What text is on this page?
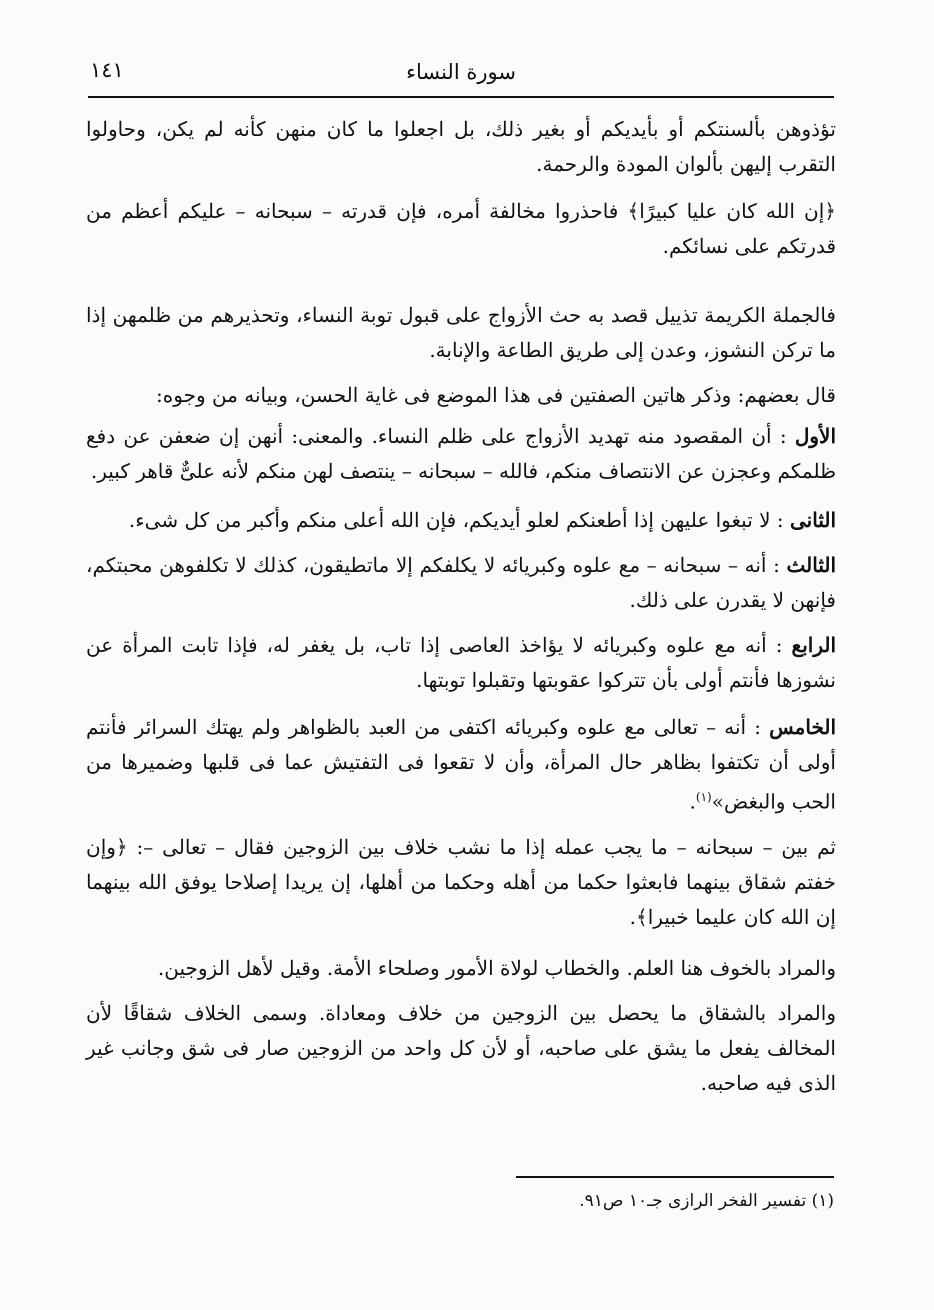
١٤١	سورة النساء

تؤذوهن بألسنتكم أو بأيديكم أو بغير ذلك، بل اجعلوا ما كان منهن كأنه لم يكن، وحاولوا التقرب إليهن بألوان المودة والرحمة.

﴿إن الله كان عليا كبيرًا﴾ فاحذروا مخالفة أمره، فإن قدرته – سبحانه – عليكم أعظم من قدرتكم على نسائكم.

فالجملة الكريمة تذييل قصد به حث الأزواج على قبول توبة النساء، وتحذيرهم من ظلمهن إذا ما تركن النشوز، وعدن إلى طريق الطاعة والإنابة.

قال بعضهم: وذكر هاتين الصفتين فى هذا الموضع فى غاية الحسن، وبيانه من وجوه:

الأول : أن المقصود منه تهديد الأزواج على ظلم النساء. والمعنى: أنهن إن ضعفن عن دفع ظلمكم وعجزن عن الانتصاف منكم، فالله – سبحانه – ينتصف لهن منكم لأنه علىٌّ قاهر كبير.

الثانى : لا تبغوا عليهن إذا أطعنكم لعلو أيديكم، فإن الله أعلى منكم وأكبر من كل شىء.

الثالث : أنه – سبحانه – مع علوه وكبريائه لا يكلفكم إلا ماتطيقون، كذلك لا تكلفوهن محبتكم، فإنهن لا يقدرن على ذلك.

الرابع : أنه مع علوه وكبريائه لا يؤاخذ العاصى إذا تاب، بل يغفر له، فإذا تابت المرأة عن نشوزها فأنتم أولى بأن تتركوا عقوبتها وتقبلوا توبتها.

الخامس : أنه – تعالى مع علوه وكبريائه اكتفى من العبد بالظواهر ولم يهتك السرائر فأنتم أولى أن تكتفوا بظاهر حال المرأة، وأن لا تقعوا فى التفتيش عما فى قلبها وضميرها من الحب والبغض»$^{(١)}$.

ثم بين – سبحانه – ما يجب عمله إذا ما نشب خلاف بين الزوجين فقال – تعالى –: ﴿وإن خفتم شقاق بينهما فابعثوا حكما من أهله وحكما من أهلها، إن يريدا إصلاحا يوفق الله بينهما إن الله كان عليما خبيرا﴾.

والمراد بالخوف هنا العلم. والخطاب لولاة الأمور وصلحاء الأمة. وقيل لأهل الزوجين.

والمراد بالشقاق ما يحصل بين الزوجين من خلاف ومعاداة. وسمى الخلاف شقاقًا لأن المخالف يفعل ما يشق على صاحبه، أو لأن كل واحد من الزوجين صار فى شق وجانب غير الذى فيه صاحبه.

(١) تفسير الفخر الرازى جـ١٠ ص٩١.
